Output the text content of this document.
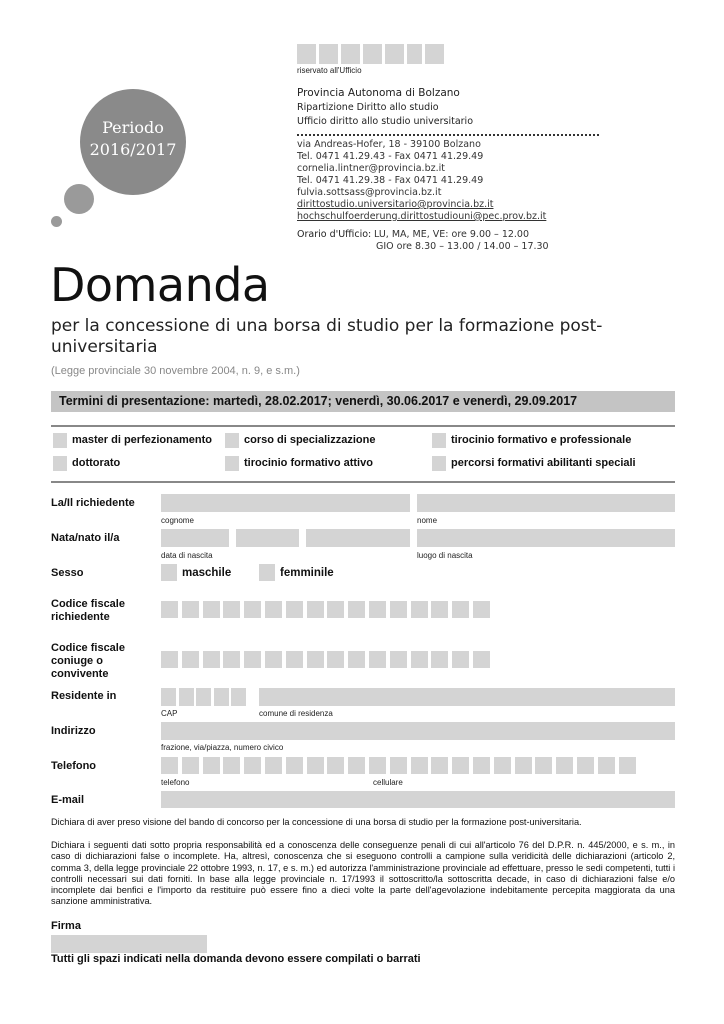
riservato all'Ufficio
Periodo
2016/2017
Provincia Autonoma di Bolzano
Ripartizione Diritto allo studio
Ufficio diritto allo studio universitario
via Andreas-Hofer, 18 - 39100 Bolzano
Tel. 0471 41.29.43 - Fax 0471 41.29.49
cornelia.lintner@provincia.bz.it
Tel. 0471 41.29.38 - Fax 0471 41.29.49
fulvia.sottsass@provincia.bz.it
dirittostudio.universitario@provincia.bz.it
hochschulfoerderung.dirittostudiouni@pec.prov.bz.it
Orario d'Ufficio: LU, MA, ME, VE: ore 9.00 – 12.00
GIO ore 8.30 – 13.00 / 14.00 – 17.30
Domanda
per la concessione di una borsa di studio per la formazione post-universitaria
(Legge provinciale 30 novembre 2004, n. 9, e s.m.)
Termini di presentazione: martedì, 28.02.2017; venerdì, 30.06.2017 e venerdì, 29.09.2017
master di perfezionamento	corso di specializzazione	tirocinio formativo e professionale
dottorato	tirocinio formativo attivo	percorsi formativi abilitanti speciali
La/Il richiedente
cognome	nome
Nata/nato il/a
data di nascita	luogo di nascita
Sesso	maschile	femminile
Codice fiscale richiedente
Codice fiscale coniuge o convivente
Residente in
CAP	comune di residenza
Indirizzo
frazione, via/piazza, numero civico
Telefono
telefono	cellulare
E-mail
Dichiara di aver preso visione del bando di concorso per la concessione di una borsa di studio per la formazione post-universitaria.
Dichiara i seguenti dati sotto propria responsabilità ed a conoscenza delle conseguenze penali di cui all'articolo 76 del D.P.R. n. 445/2000, e s. m., in caso di dichiarazioni false o incomplete. Ha, altresì, conoscenza che si eseguono controlli a campione sulla veridicità delle dichiarazioni (articolo 2, comma 3, della legge provinciale 22 ottobre 1993, n. 17, e s. m.) ed autorizza l'amministrazione provinciale ad effettuare, presso le sedi competenti, tutti i controlli necessari sui dati forniti. In base alla legge provinciale n. 17/1993 il sottoscritto/la sottoscritta decade, in caso di dichiarazioni false e/o incomplete dai benfici e l'importo da restituire può essere fino a dieci volte la parte dell'agevolazione indebitamente percepita maggiorata da una sanzione amministrativa.
Firma
Tutti gli spazi indicati nella domanda devono essere compilati o barrati
